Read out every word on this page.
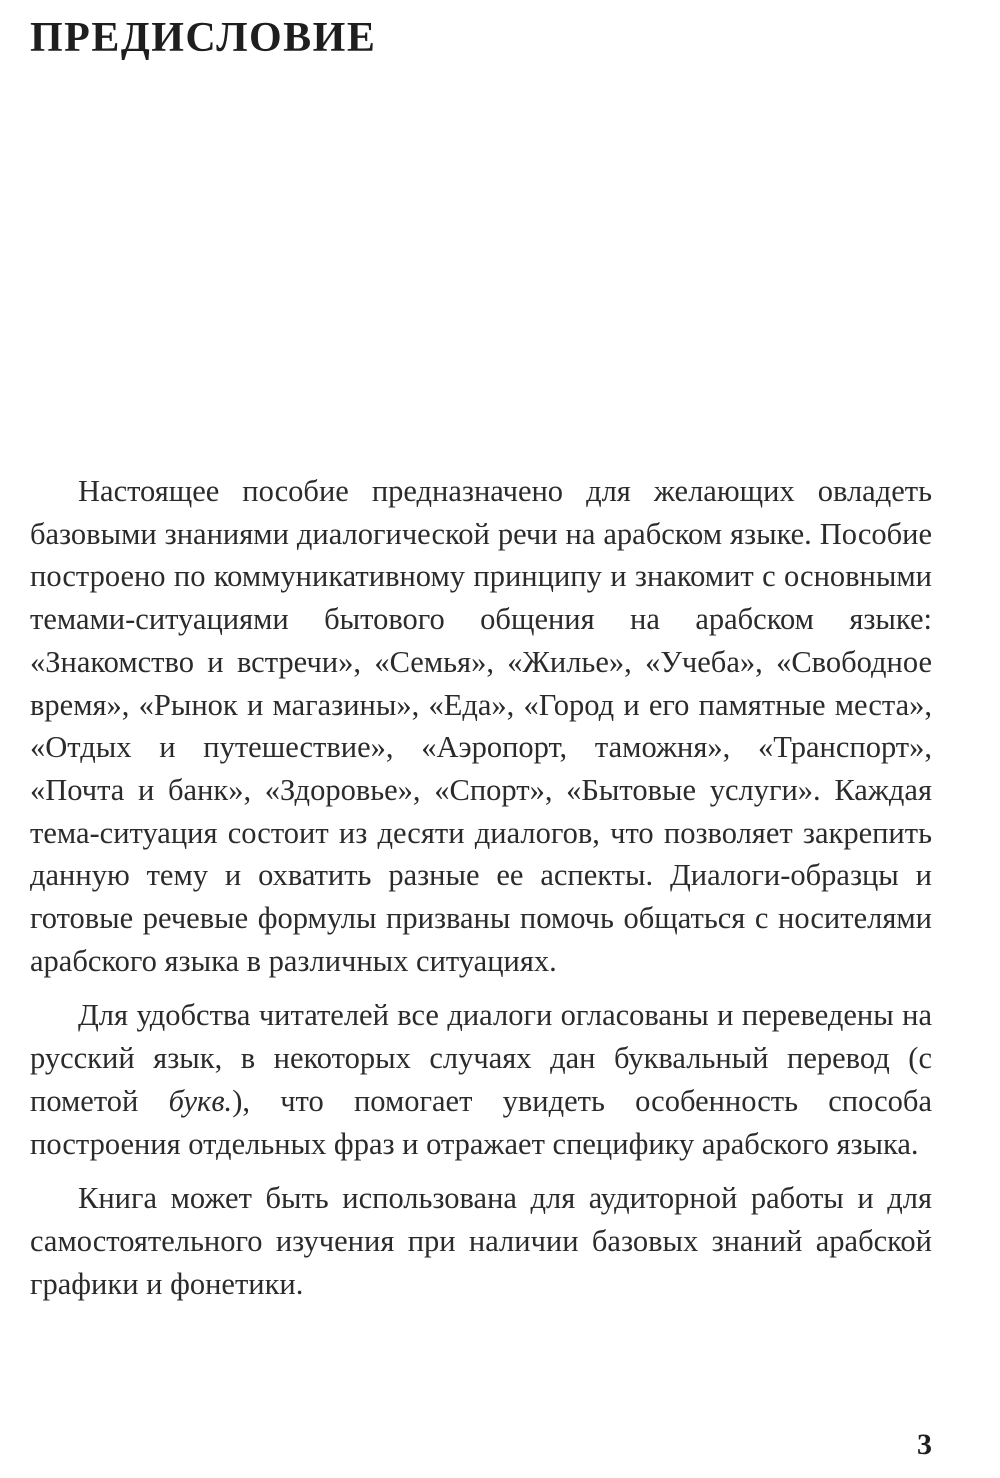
ПРЕДИСЛОВИЕ

Настоящее пособие предназначено для желающих овладеть базовыми знаниями диалогической речи на арабском языке. Пособие построено по коммуникативному принципу и знакомит с основными темами-ситуациями бытового общения на арабском языке: «Знакомство и встречи», «Семья», «Жилье», «Учеба», «Свободное время», «Рынок и магазины», «Еда», «Город и его памятные места», «Отдых и путешествие», «Аэропорт, таможня», «Транспорт», «Почта и банк», «Здоровье», «Спорт», «Бытовые услуги». Каждая тема-ситуация состоит из десяти диалогов, что позволяет закрепить данную тему и охватить разные ее аспекты. Диалоги-образцы и готовые речевые формулы призваны помочь общаться с носителями арабского языка в различных ситуациях.

Для удобства читателей все диалоги огласованы и переведены на русский язык, в некоторых случаях дан буквальный перевод (с пометой букв.), что помогает увидеть особенность способа построения отдельных фраз и отражает специфику арабского языка.

Книга может быть использована для аудиторной работы и для самостоятельного изучения при наличии базовых знаний арабской графики и фонетики.

3
